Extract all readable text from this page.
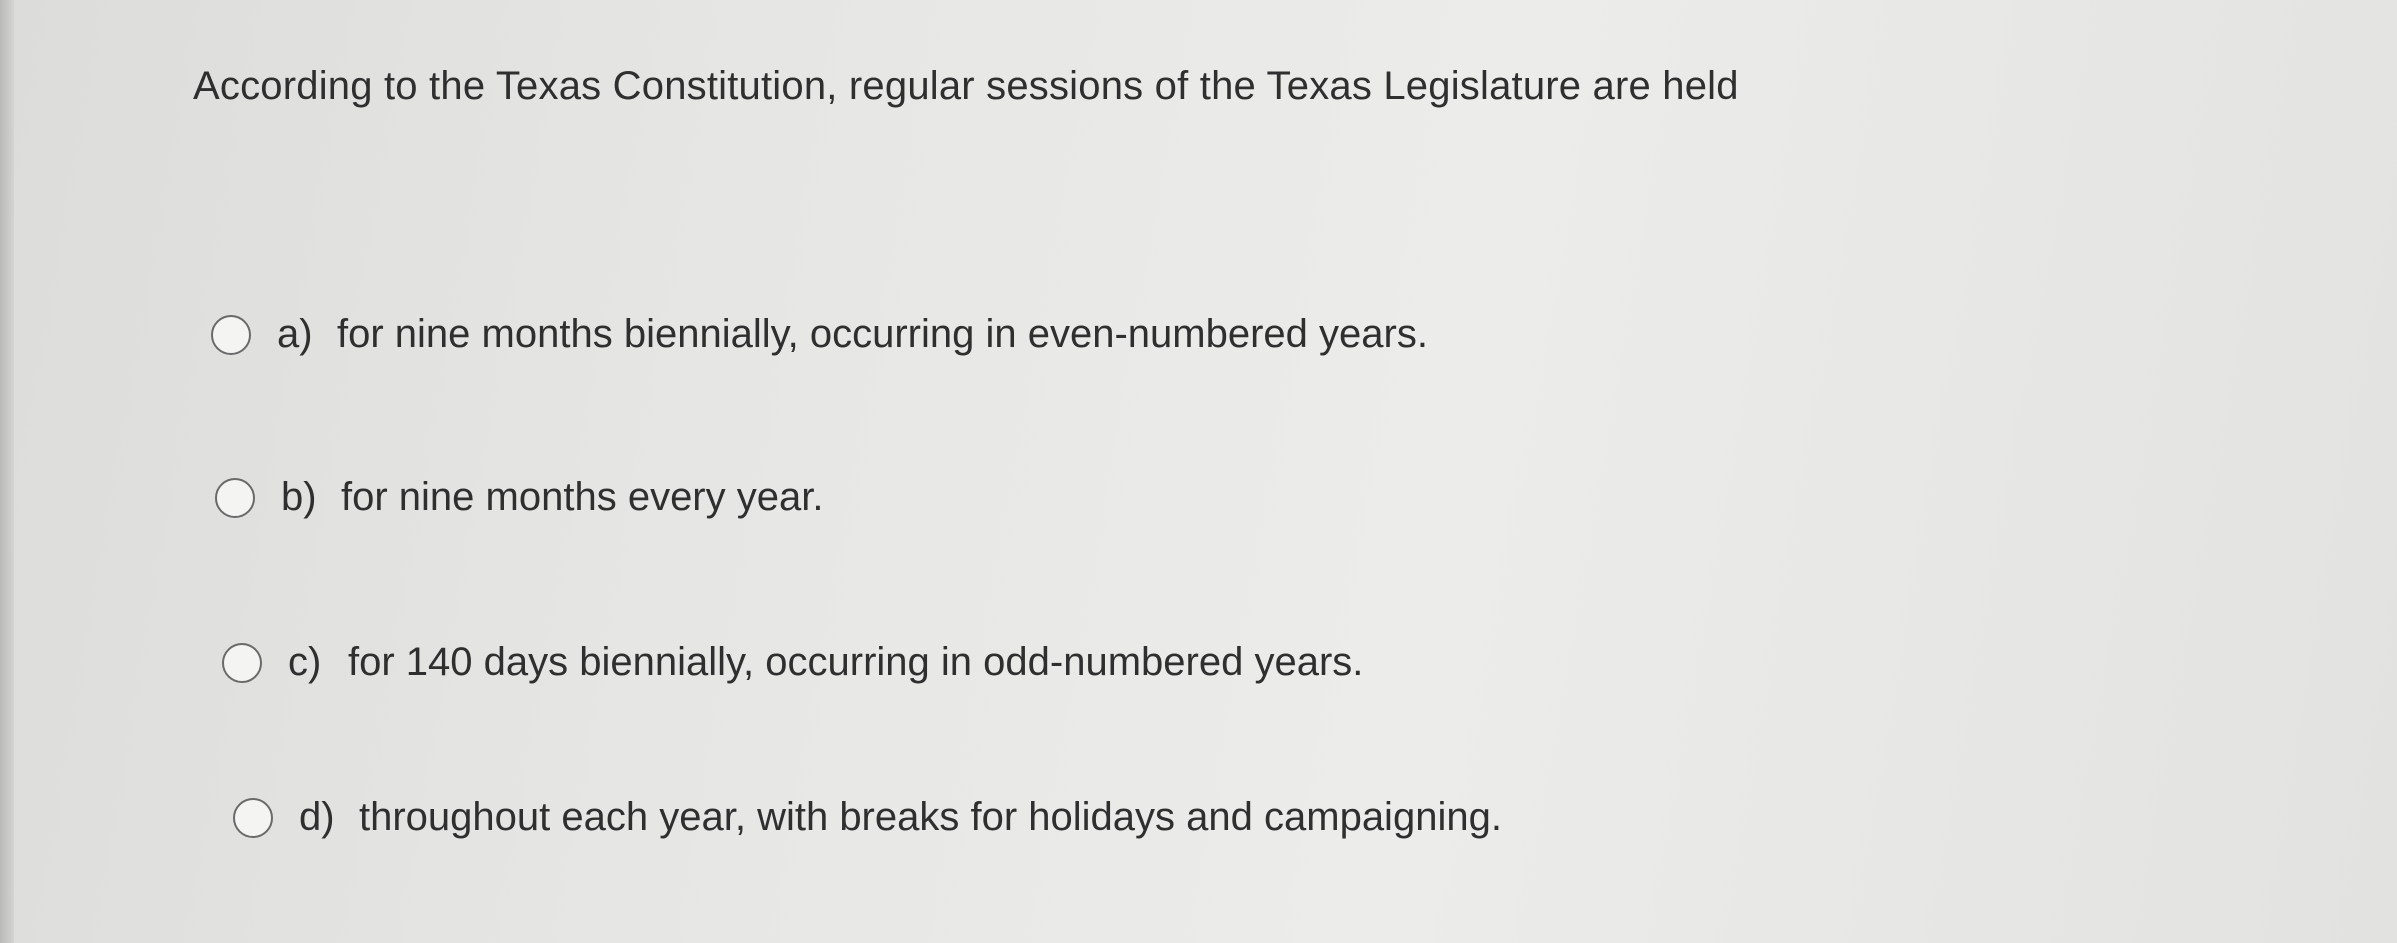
According to the Texas Constitution, regular sessions of the Texas Legislature are held
a) for nine months biennially, occurring in even-numbered years.
b) for nine months every year.
c) for 140 days biennially, occurring in odd-numbered years.
d) throughout each year, with breaks for holidays and campaigning.
